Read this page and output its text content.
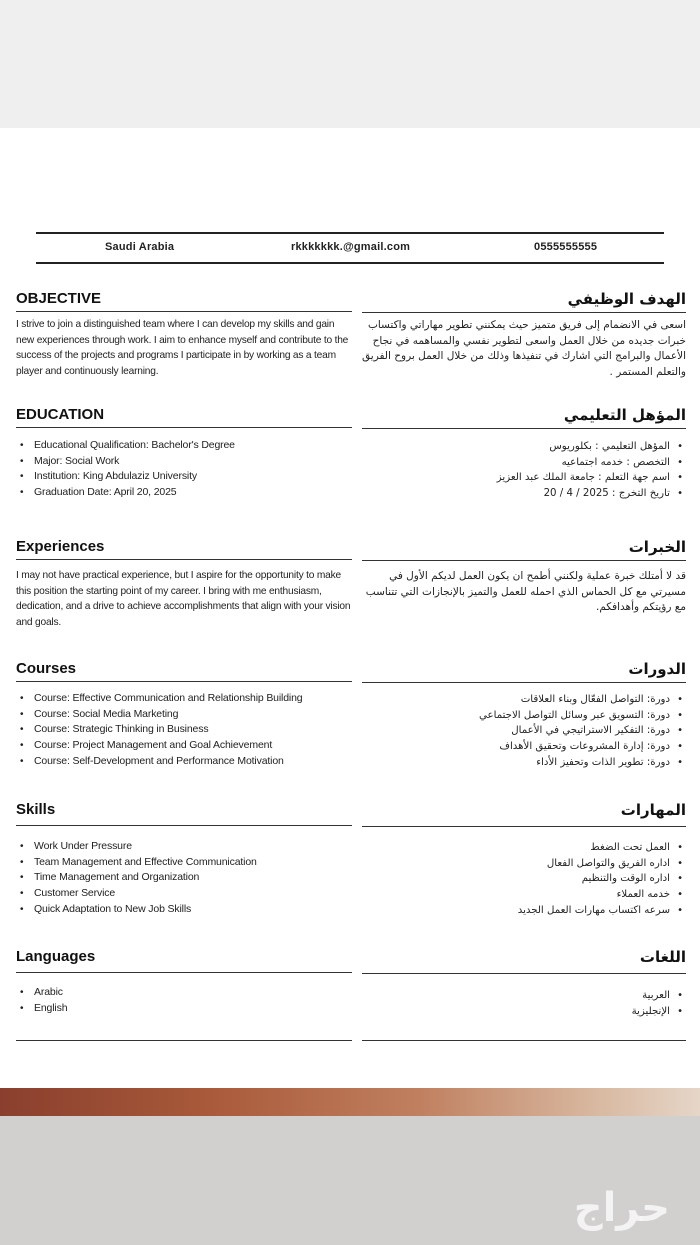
Saudi Arabia	rkkkkkkk.@gmail.com	0555555555
OBJECTIVE
I strive to join a distinguished team where I can develop my skills and gain new experiences through work. I aim to enhance myself and contribute to the success of the projects and programs I participate in by working as a team player and continuously learning.
الهدف الوظيفي
اسعى في الانضمام إلى فريق متميز حيث يمكنني تطوير مهاراتي واكتساب خبرات جديده من خلال العمل واسعى لتطوير نفسي والمساهمه في نجاح الأعمال والبرامج التي اشارك في تنفيذها وذلك من خلال العمل بروح الفريق والتعلم المستمر .
EDUCATION
• Educational Qualification: Bachelor's Degree
• Major: Social Work
• Institution: King Abdulaziz University
• Graduation Date: April 20, 2025
المؤهل التعليمي
• المؤهل التعليمي : بكلوريوس
• التخصص : خدمه اجتماعيه
• اسم جهة التعلم : جامعة الملك عبد العزيز
• تاريخ التخرج : 2025 / 4 / 20
Experiences
I may not have practical experience, but I aspire for the opportunity to make this position the starting point of my career. I bring with me enthusiasm, dedication, and a drive to achieve accomplishments that align with your vision and goals.
الخبرات
قد لا أمتلك خبرة عملية ولكنني أطمح ان يكون العمل لديكم الأول في مسيرتي مع كل الحماس الذي احمله للعمل والتميز بالإنجازات التي تتناسب مع رؤيتكم وأهدافكم.
Courses
• Course: Effective Communication and Relationship Building
• Course: Social Media Marketing
• Course: Strategic Thinking in Business
• Course: Project Management and Goal Achievement
• Course: Self-Development and Performance Motivation
الدورات
• دورة: التواصل الفعّال وبناء العلاقات
• دورة: التسويق عبر وسائل التواصل الاجتماعي
• دورة: التفكير الاستراتيجي في الأعمال
• دورة: إدارة المشروعات وتحقيق الأهداف
• دورة: تطوير الذات وتحفيز الأداء
Skills
• Work Under Pressure
• Team Management and Effective Communication
• Time Management and Organization
• Customer Service
• Quick Adaptation to New Job Skills
المهارات
• العمل تحت الضغط
• اداره الفريق والتواصل الفعال
• اداره الوقت والتنظيم
• خدمه العملاء
• سرعه اكتساب مهارات العمل الجديد
Languages
• Arabic
• English
اللغات
• العربية
• الإنجليزية
حراج
